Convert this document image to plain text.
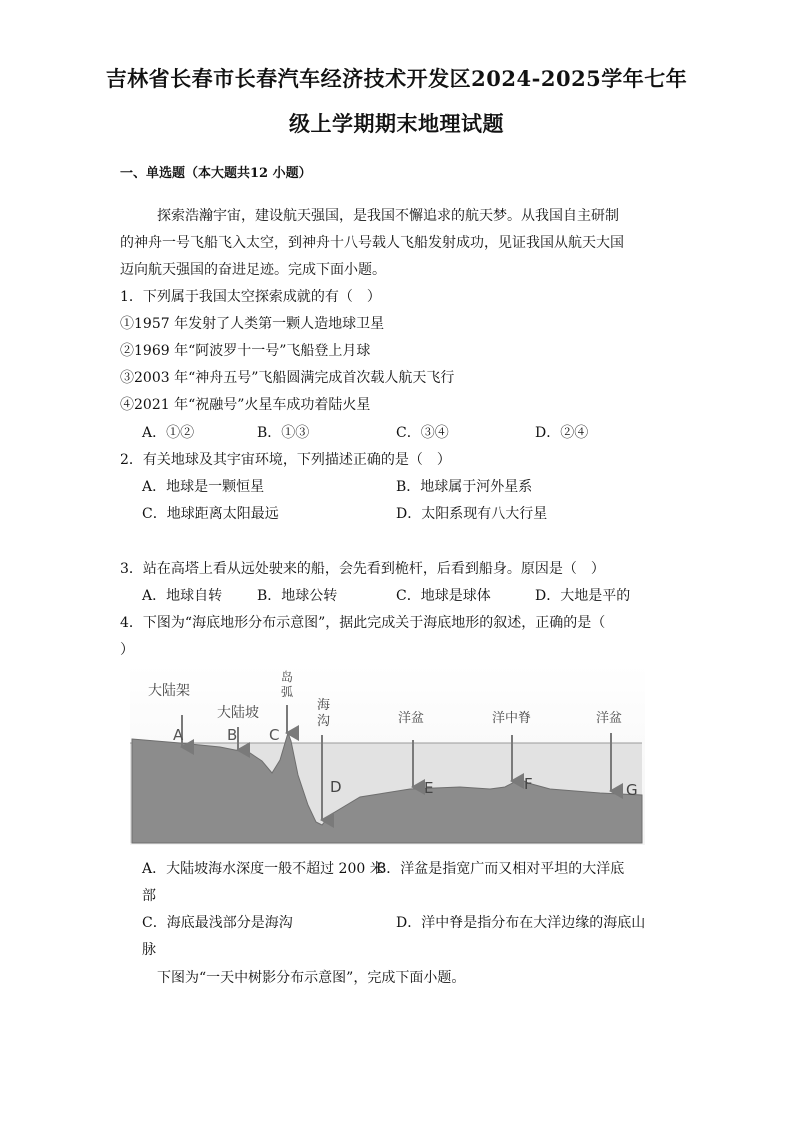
吉林省长春市长春汽车经济技术开发区2024-2025学年七年
级上学期期末地理试题
一、单选题（本大题共12 小题）
探索浩瀚宇宙，建设航天强国，是我国不懈追求的航天梦。从我国自主研制
的神舟一号飞船飞入太空，到神舟十八号载人飞船发射成功，见证我国从航天大国
迈向航天强国的奋进足迹。完成下面小题。
1．下列属于我国太空探索成就的有（　）
①1957 年发射了人类第一颗人造地球卫星
②1969 年“阿波罗十一号”飞船登上月球
③2003 年“神舟五号”飞船圆满完成首次载人航天飞行
④2021 年“祝融号”火星车成功着陆火星
A．①②	B．①③	C．③④	D．②④
2．有关地球及其宇宙环境，下列描述正确的是（　）
A．地球是一颗恒星	B．地球属于河外星系
C．地球距离太阳最远	D．太阳系现有八大行星
3．站在高塔上看从远处驶来的船，会先看到桅杆，后看到船身。原因是（　）
A．地球自转 B．地球公转	C．地球是球体	D．大地是平的
4．下图为“海底地形分布示意图”，据此完成关于海底地形的叙述，正确的是（
）
大陆架
大陆坡
岛
弧
海
沟	洋盆	洋中脊	洋盆
A	B C
D	E	F	G
A．大陆坡海水深度一般不超过 200 米
B．洋盆是指宽广而又相对平坦的大洋底
部
C．海底最浅部分是海沟	D．洋中脊是指分布在大洋边缘的海底山
脉
下图为“一天中树影分布示意图”，完成下面小题。
